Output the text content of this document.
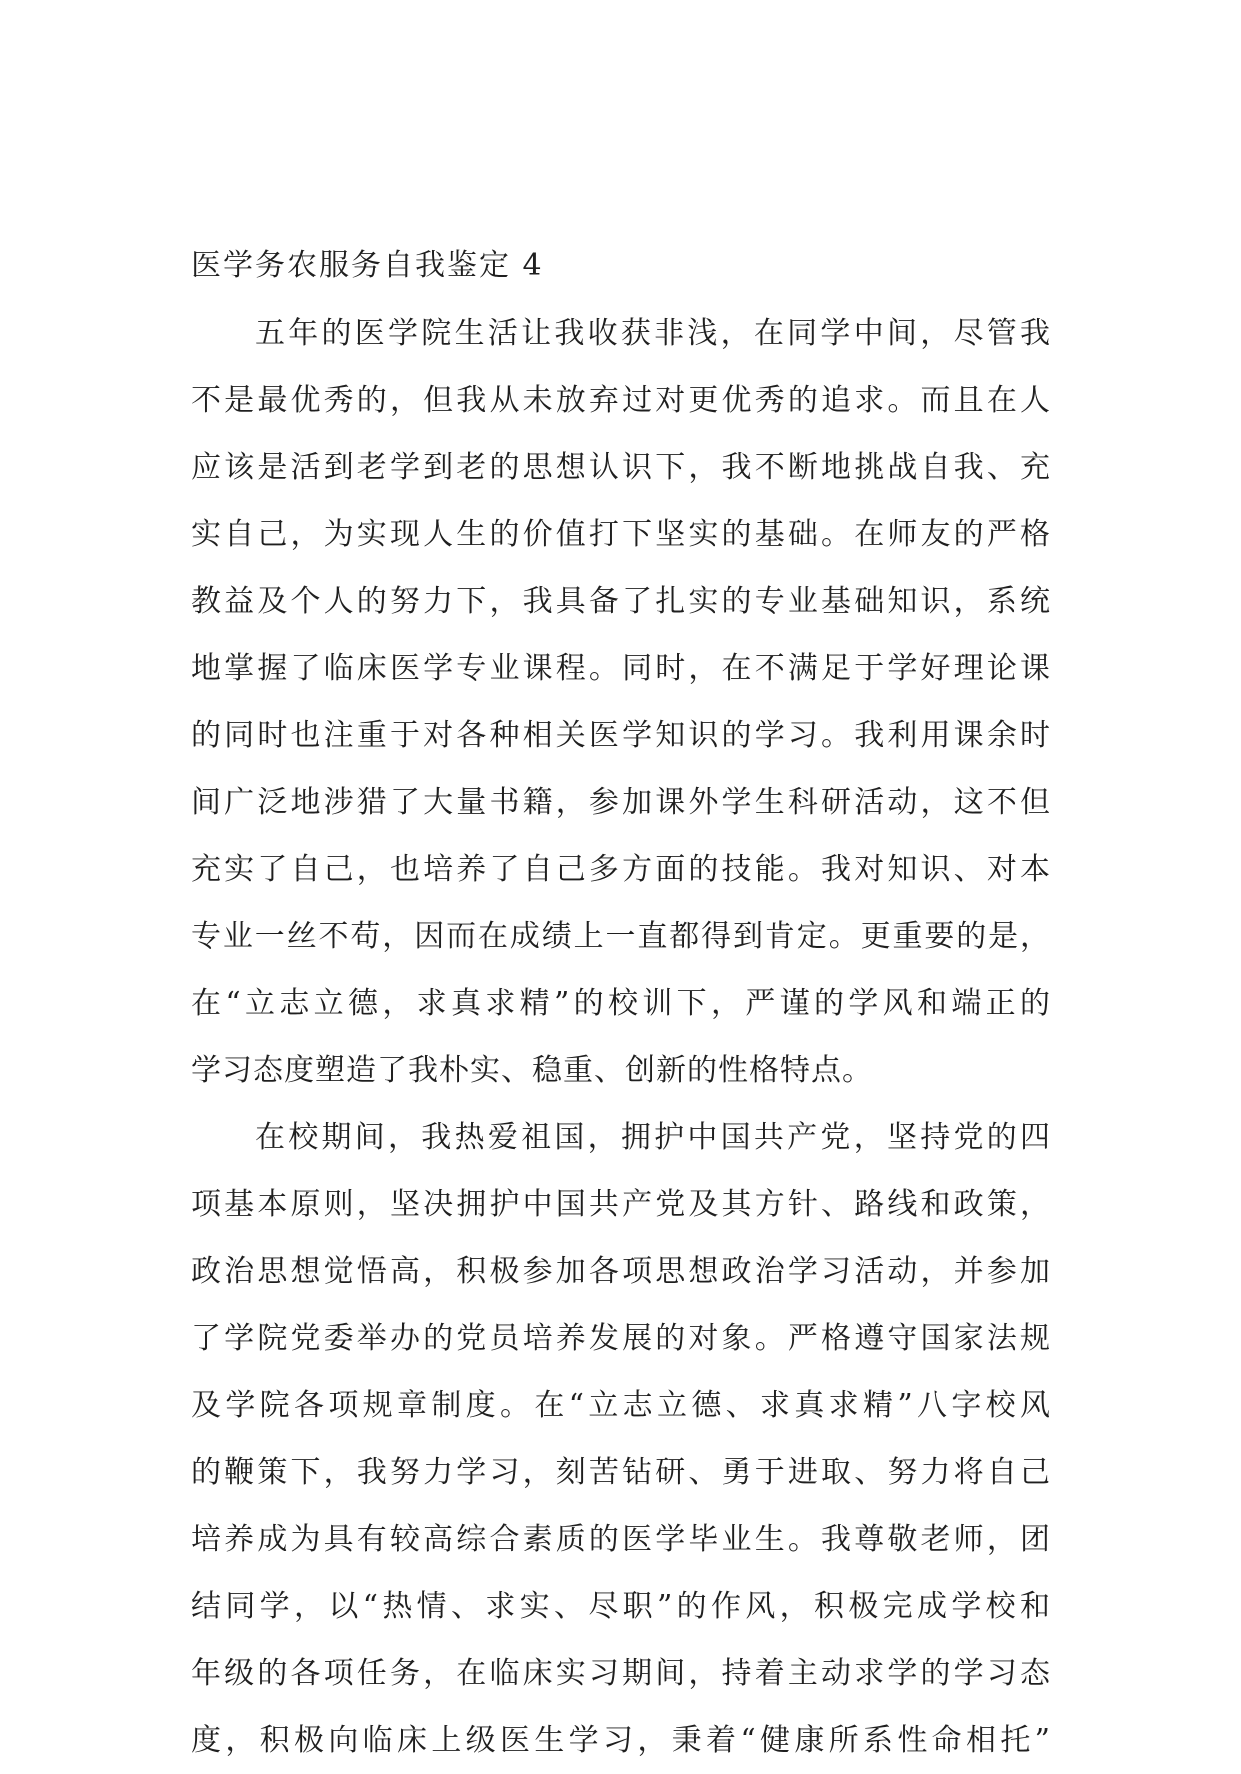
医学务农服务自我鉴定 4

五年的医学院生活让我收获非浅，在同学中间，尽管我
不是最优秀的，但我从未放弃过对更优秀的追求。而且在人
应该是活到老学到老的思想认识下，我不断地挑战自我、充
实自己，为实现人生的价值打下坚实的基础。在师友的严格
教益及个人的努力下，我具备了扎实的专业基础知识，系统
地掌握了临床医学专业课程。同时，在不满足于学好理论课
的同时也注重于对各种相关医学知识的学习。我利用课余时
间广泛地涉猎了大量书籍，参加课外学生科研活动，这不但
充实了自己，也培养了自己多方面的技能。我对知识、对本
专业一丝不苟，因而在成绩上一直都得到肯定。更重要的是，
在“立志立德，求真求精”的校训下，严谨的学风和端正的
学习态度塑造了我朴实、稳重、创新的性格特点。

在校期间，我热爱祖国，拥护中国共产党，坚持党的四
项基本原则，坚决拥护中国共产党及其方针、路线和政策，
政治思想觉悟高，积极参加各项思想政治学习活动，并参加
了学院党委举办的党员培养发展的对象。严格遵守国家法规
及学院各项规章制度。在“立志立德、求真求精”八字校风
的鞭策下，我努力学习，刻苦钻研、勇于进取、努力将自己
培养成为具有较高综合素质的医学毕业生。我尊敬老师，团
结同学，以“热情、求实、尽职”的作风，积极完成学校和
年级的各项任务，在临床实习期间，持着主动求学的学习态
度，积极向临床上级医生学习，秉着“健康所系性命相托”
